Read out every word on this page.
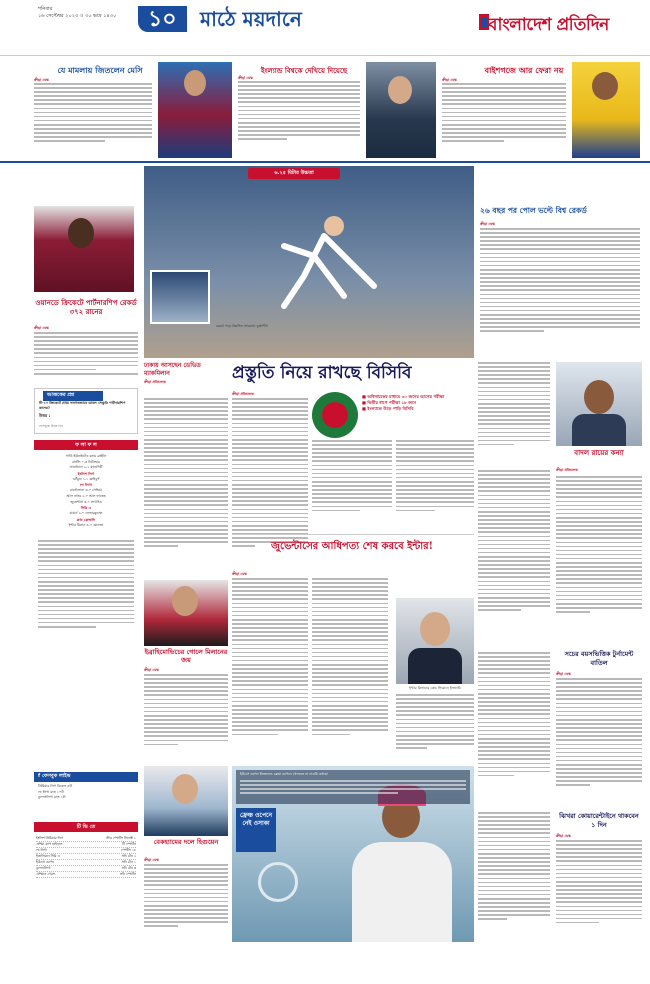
শনিবার
১৬ সেপ্টেম্বর ২০২৩ ।। ৩০ ভাদ্র ১৪৩০	১০	মাঠে ময়দানে	বাংলাদেশ প্রতিদিন
যে মামলায় জিতলেন মেসি
ক্রীড়া ডেস্ক
ইংল্যান্ড বিশ্বকে দেখিয়ে দিয়েছে
ক্রীড়া ডেস্ক
বাইশগজে আর ফেরা নয়
ক্রীড়া ডেস্ক
ওয়ানডে ক্রিকেটে পার্টনারশিপ রেকর্ড ৩৭২ রানের
ক্রীড়া ডেস্ক
৬.২৫ মিটার উচ্চতা
রেকর্ড গড়ে উল্লসিত আরমান্ড ডুপ্লান্টিস
২৬ বছর পর পোল ভল্টে বিশ্ব রেকর্ড
ক্রীড়া ডেস্ক
ঢাকায় আসছেন ডেভিড ম্যাকমিলান
ক্রীড়া প্রতিবেদক	প্রস্তুতি নিয়ে রাখছে বিসিবি
ক্রীড়া প্রতিবেদক	■ অধিনায়কের মাধ্যমে ৩০ জনের আগের পরীক্ষা
■ দ্বিতীয় ধাপে পরীক্ষা ১৮ জনে
■ ইংল্যান্ডে উড়ে পাড়ি বিসিবি
বাদল রায়ের কন্যা
ক্রীড়া প্রতিবেদক
আজকের প্রশ্ন
টি-২০ ক্রিকেটে প্রথম দলগতভাবে ডাবল সেঞ্চুরি পার্টনারশিপ কাদের?
উত্তর :
ফেসবুকে উত্তর দিন
ফ লা ফ ল
গার্ডি ইউনাইটেড বনাম ব্রাইটন
বার্নলি ০-৩ টটেনহাম
আর্সেনাল ২-১ ম্যানসিটি
ইংলিশ লিগ
ডর্টমুন্ড ১-১ ফ্রাইবুর্গ
লা লিগা
বার্সেলোনা ৩-০ সেভিয়া
আল নাসর ২-০ আল ফাতেহ
জুভেন্টাস ৩-০ লাৎসিও
সিরি এ
বায়ার্ন ২-০ লেভারকুসেন
ক্লাব ফ্রেন্ডলি
ইন্টার মিলান ৪-০ মোনজা
f ফেসবুক লাইভ
প্রিমিয়ার লিগ বিকেল ৪টা
লা লিগা রাত ১০টা
বুন্দেসলিগা রাত ১টা
টি ভি তে
ইংলিশ প্রিমিয়ার লিগ	স্টার স্পোর্টস সিলেক্ট ১
এশিয়া কাপ ফাইনাল	টি স্পোর্টস
লা লিগা	স্পোর্টস ১৮
ইতালিয়ান সিরি এ	সনি টেন ২
ইউএস ওপেন	সনি টেন ১
বুন্দেসলিগা	সনি টেন ৩
এশিয়ান গেমস	সনি স্পোর্টস
ইব্রাহিমোভিচের গোলে মিলানের জয়
ক্রীড়া ডেস্ক
জুভেন্টাসের আধিপত্য শেষ করবে ইন্টার!
ক্রীড়া ডেস্ক
ইন্টার মিলানের কোচ সিমোনে ইনজাঘি
সচের বয়সভিত্তিক টুর্নামেন্ট বাতিল
ক্রীড়া ডেস্ক
বেকহ্যামের দলে হিগুয়েন
ক্রীড়া ডেস্ক
ইউএস ওপেন জিতলেও ফ্রেঞ্চ ওপেনে খেলবেন না নাওমি ওসাকা
ফ্রেঞ্চ ওপেনে নেই ওসাকা
ঝিখরা কোয়ারেন্টাইনে থাকবেন ১ দিন
ক্রীড়া ডেস্ক
